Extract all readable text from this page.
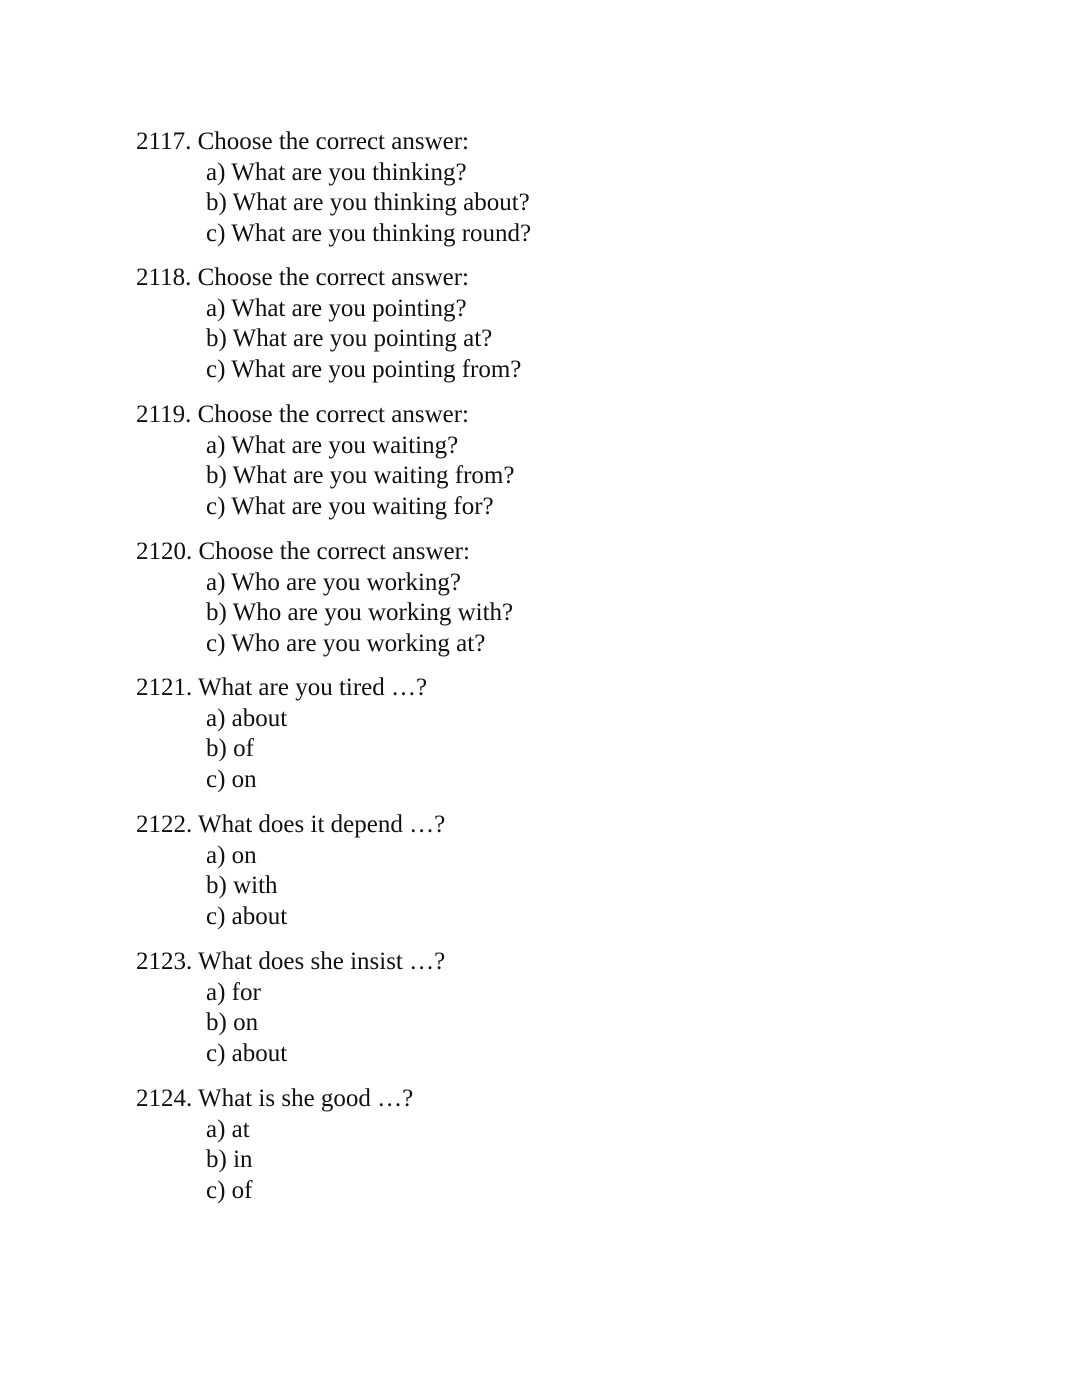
2117. Choose the correct answer:
a) What are you thinking?
b) What are you thinking about?
c) What are you thinking round?
2118. Choose the correct answer:
a) What are you pointing?
b) What are you pointing at?
c) What are you pointing from?
2119. Choose the correct answer:
a) What are you waiting?
b) What are you waiting from?
c) What are you waiting for?
2120. Choose the correct answer:
a) Who are you working?
b) Who are you working with?
c) Who are you working at?
2121. What are you tired …?
a) about
b) of
c) on
2122. What does it depend …?
a) on
b) with
c) about
2123. What does she insist …?
a) for
b) on
c) about
2124. What is she good …?
a) at
b) in
c) of
